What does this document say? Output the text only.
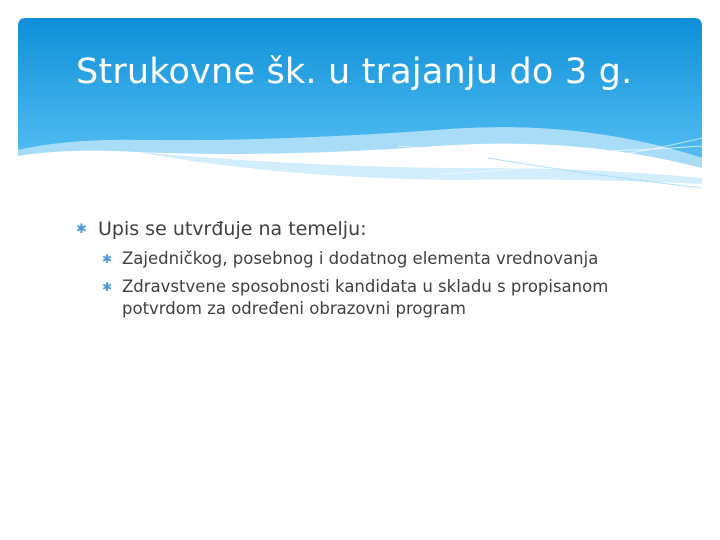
Strukovne šk. u trajanju do 3 g.
✱ Upis se utvrđuje na temelju:
✱ Zajedničkog, posebnog i dodatnog elementa vrednovanja
✱ Zdravstvene sposobnosti kandidata u skladu s propisanom potvrdom za određeni obrazovni program
